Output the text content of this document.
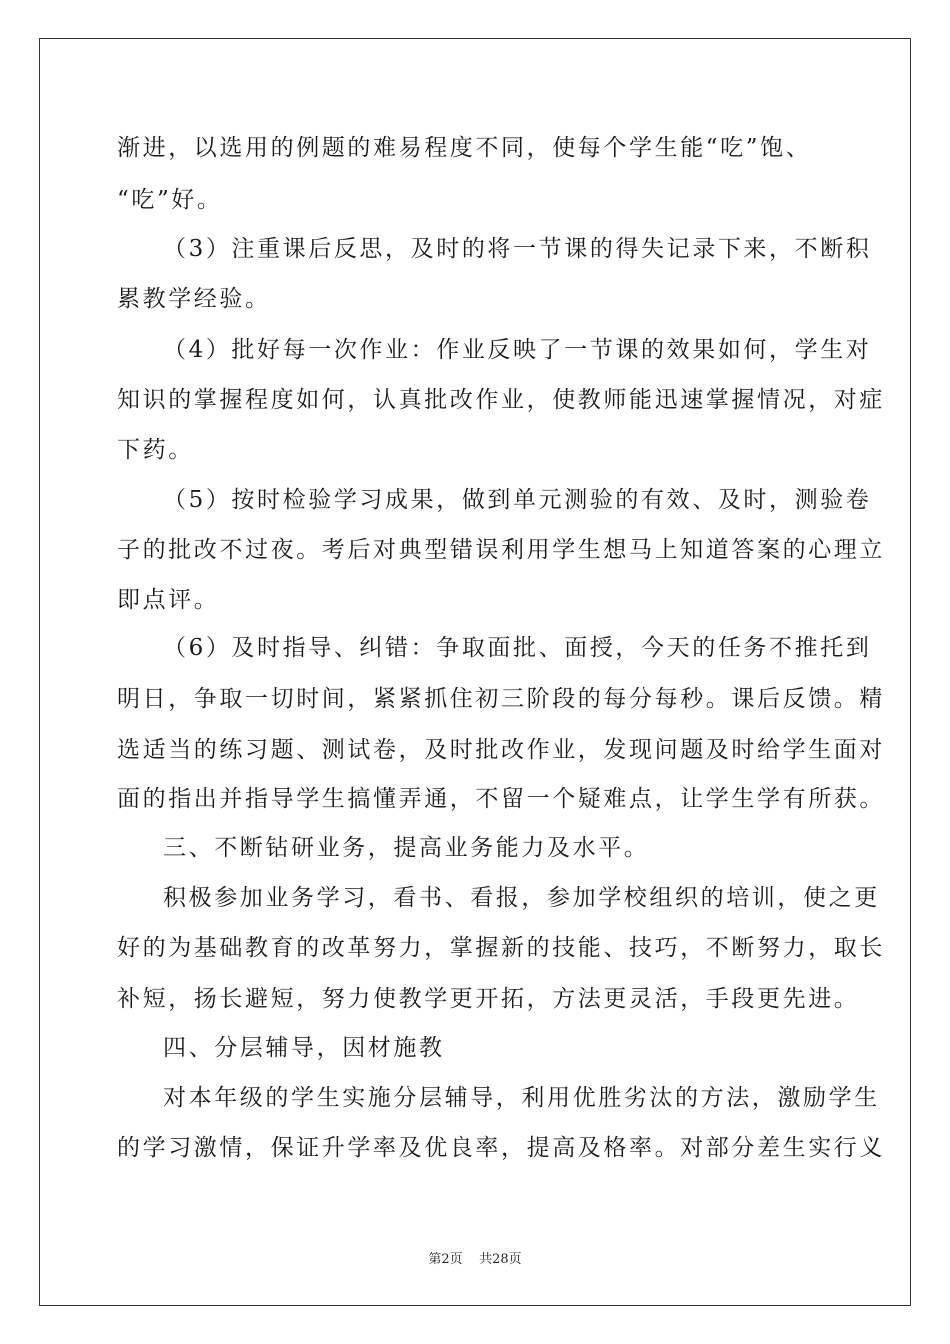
渐进，以选用的例题的难易程度不同，使每个学生能“吃”饱、
“吃”好。
（3）注重课后反思，及时的将一节课的得失记录下来，不断积
累教学经验。
（4）批好每一次作业：作业反映了一节课的效果如何，学生对
知识的掌握程度如何，认真批改作业，使教师能迅速掌握情况，对症
下药。
（5）按时检验学习成果，做到单元测验的有效、及时，测验卷
子的批改不过夜。考后对典型错误利用学生想马上知道答案的心理立
即点评。
（6）及时指导、纠错：争取面批、面授，今天的任务不推托到
明日，争取一切时间，紧紧抓住初三阶段的每分每秒。课后反馈。精
选适当的练习题、测试卷，及时批改作业，发现问题及时给学生面对
面的指出并指导学生搞懂弄通，不留一个疑难点，让学生学有所获。
三、不断钻研业务，提高业务能力及水平。
积极参加业务学习，看书、看报，参加学校组织的培训，使之更
好的为基础教育的改革努力，掌握新的技能、技巧，不断努力，取长
补短，扬长避短，努力使教学更开拓，方法更灵活，手段更先进。
四、分层辅导，因材施教
对本年级的学生实施分层辅导，利用优胜劣汰的方法，激励学生
的学习激情，保证升学率及优良率，提高及格率。对部分差生实行义
第2页    共28页
